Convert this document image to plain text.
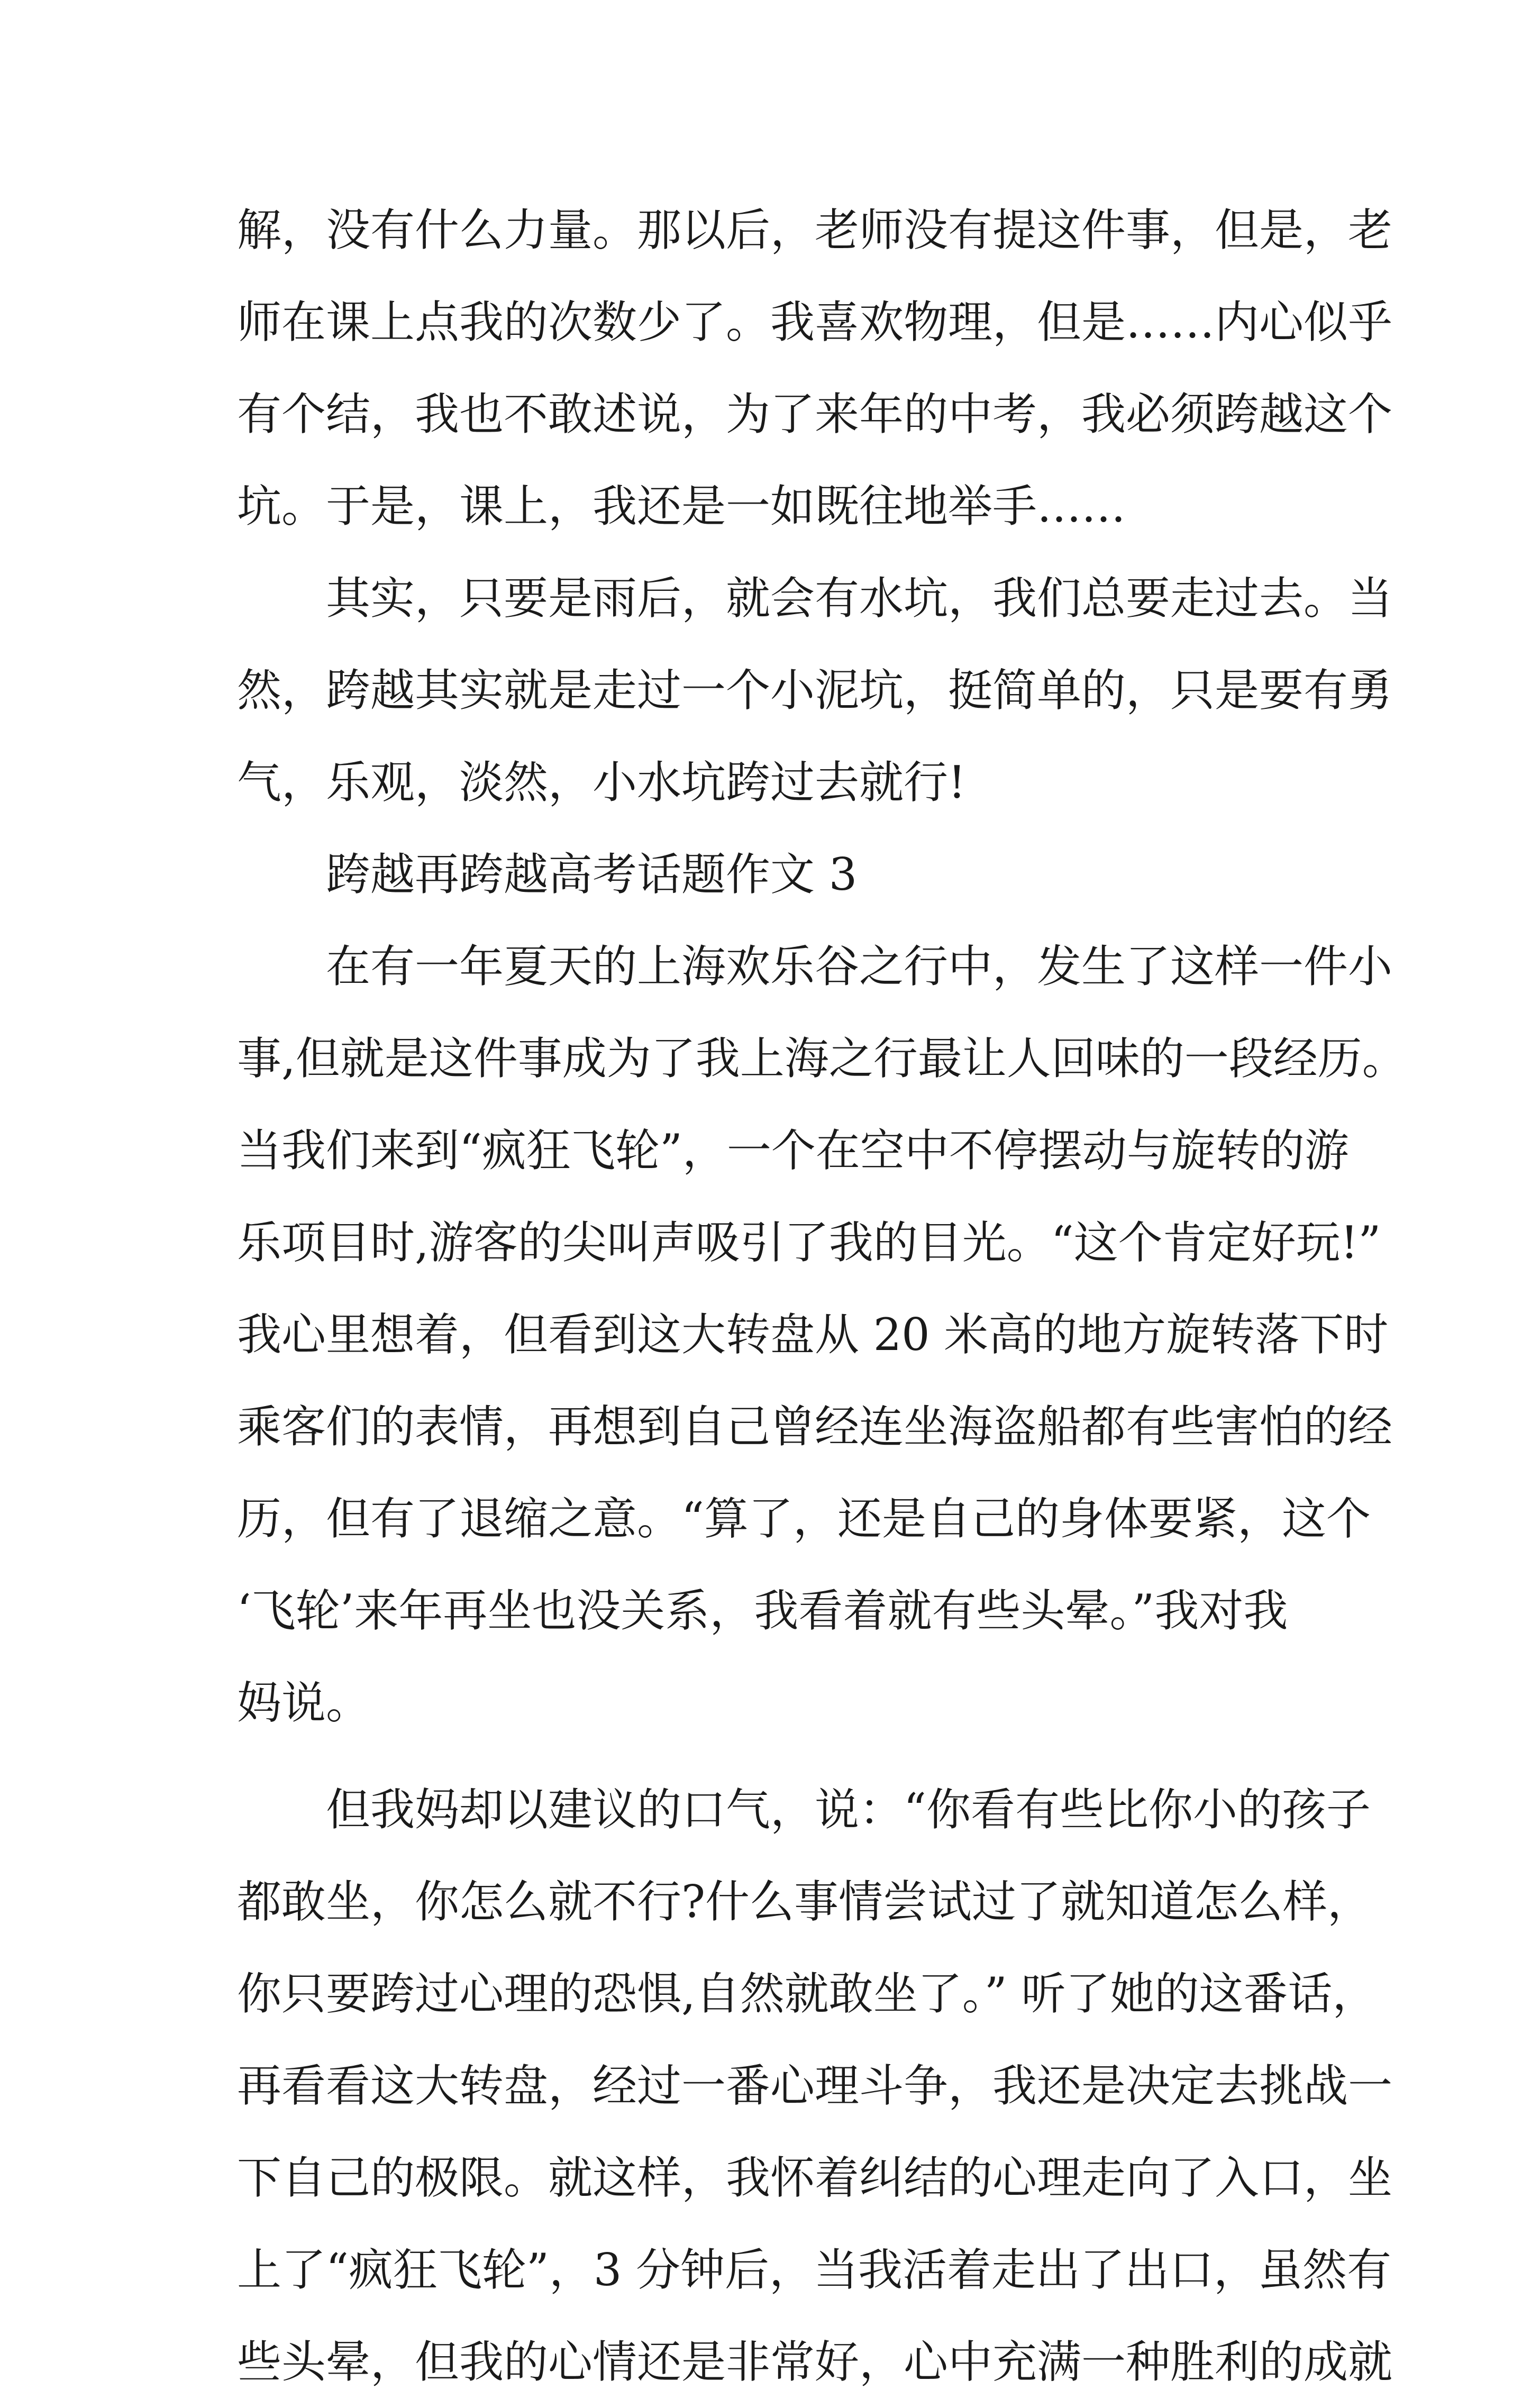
解，没有什么力量。那以后，老师没有提这件事，但是，老
师在课上点我的次数少了。我喜欢物理，但是……内心似乎
有个结，我也不敢述说，为了来年的中考，我必须跨越这个
坑。于是，课上，我还是一如既往地举手……
　　其实，只要是雨后，就会有水坑，我们总要走过去。当
然，跨越其实就是走过一个小泥坑，挺简单的，只是要有勇
气，乐观，淡然，小水坑跨过去就行!
　　跨越再跨越高考话题作文 3
　　在有一年夏天的上海欢乐谷之行中，发生了这样一件小
事,但就是这件事成为了我上海之行最让人回味的一段经历。
当我们来到“疯狂飞轮”，一个在空中不停摆动与旋转的游
乐项目时,游客的尖叫声吸引了我的目光。“这个肯定好玩!”
我心里想着，但看到这大转盘从 20 米高的地方旋转落下时
乘客们的表情，再想到自己曾经连坐海盗船都有些害怕的经
历，但有了退缩之意。“算了，还是自己的身体要紧，这个
‘飞轮’来年再坐也没关系，我看着就有些头晕。”我对我
妈说。
　　但我妈却以建议的口气，说：“你看有些比你小的孩子
都敢坐，你怎么就不行?什么事情尝试过了就知道怎么样，
你只要跨过心理的恐惧,自然就敢坐了。” 听了她的这番话，
再看看这大转盘，经过一番心理斗争，我还是决定去挑战一
下自己的极限。就这样，我怀着纠结的心理走向了入口，坐
上了“疯狂飞轮”，3 分钟后，当我活着走出了出口，虽然有
些头晕，但我的心情还是非常好，心中充满一种胜利的成就
